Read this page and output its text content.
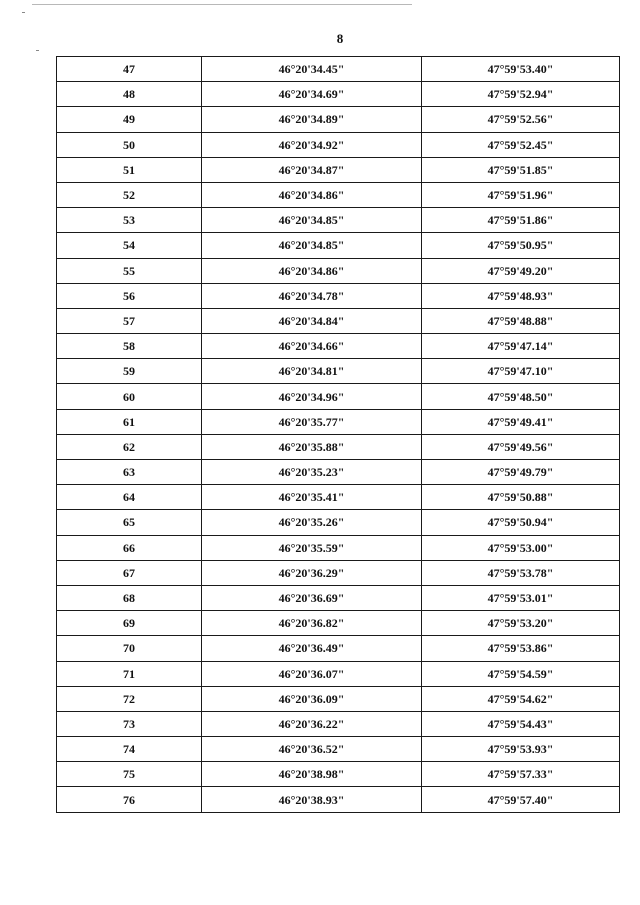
8
47	46°20'34.45"	47°59'53.40"
48	46°20'34.69"	47°59'52.94"
49	46°20'34.89"	47°59'52.56"
50	46°20'34.92"	47°59'52.45"
51	46°20'34.87"	47°59'51.85"
52	46°20'34.86"	47°59'51.96"
53	46°20'34.85"	47°59'51.86"
54	46°20'34.85"	47°59'50.95"
55	46°20'34.86"	47°59'49.20"
56	46°20'34.78"	47°59'48.93"
57	46°20'34.84"	47°59'48.88"
58	46°20'34.66"	47°59'47.14"
59	46°20'34.81"	47°59'47.10"
60	46°20'34.96"	47°59'48.50"
61	46°20'35.77"	47°59'49.41"
62	46°20'35.88"	47°59'49.56"
63	46°20'35.23"	47°59'49.79"
64	46°20'35.41"	47°59'50.88"
65	46°20'35.26"	47°59'50.94"
66	46°20'35.59"	47°59'53.00"
67	46°20'36.29"	47°59'53.78"
68	46°20'36.69"	47°59'53.01"
69	46°20'36.82"	47°59'53.20"
70	46°20'36.49"	47°59'53.86"
71	46°20'36.07"	47°59'54.59"
72	46°20'36.09"	47°59'54.62"
73	46°20'36.22"	47°59'54.43"
74	46°20'36.52"	47°59'53.93"
75	46°20'38.98"	47°59'57.33"
76	46°20'38.93"	47°59'57.40"
